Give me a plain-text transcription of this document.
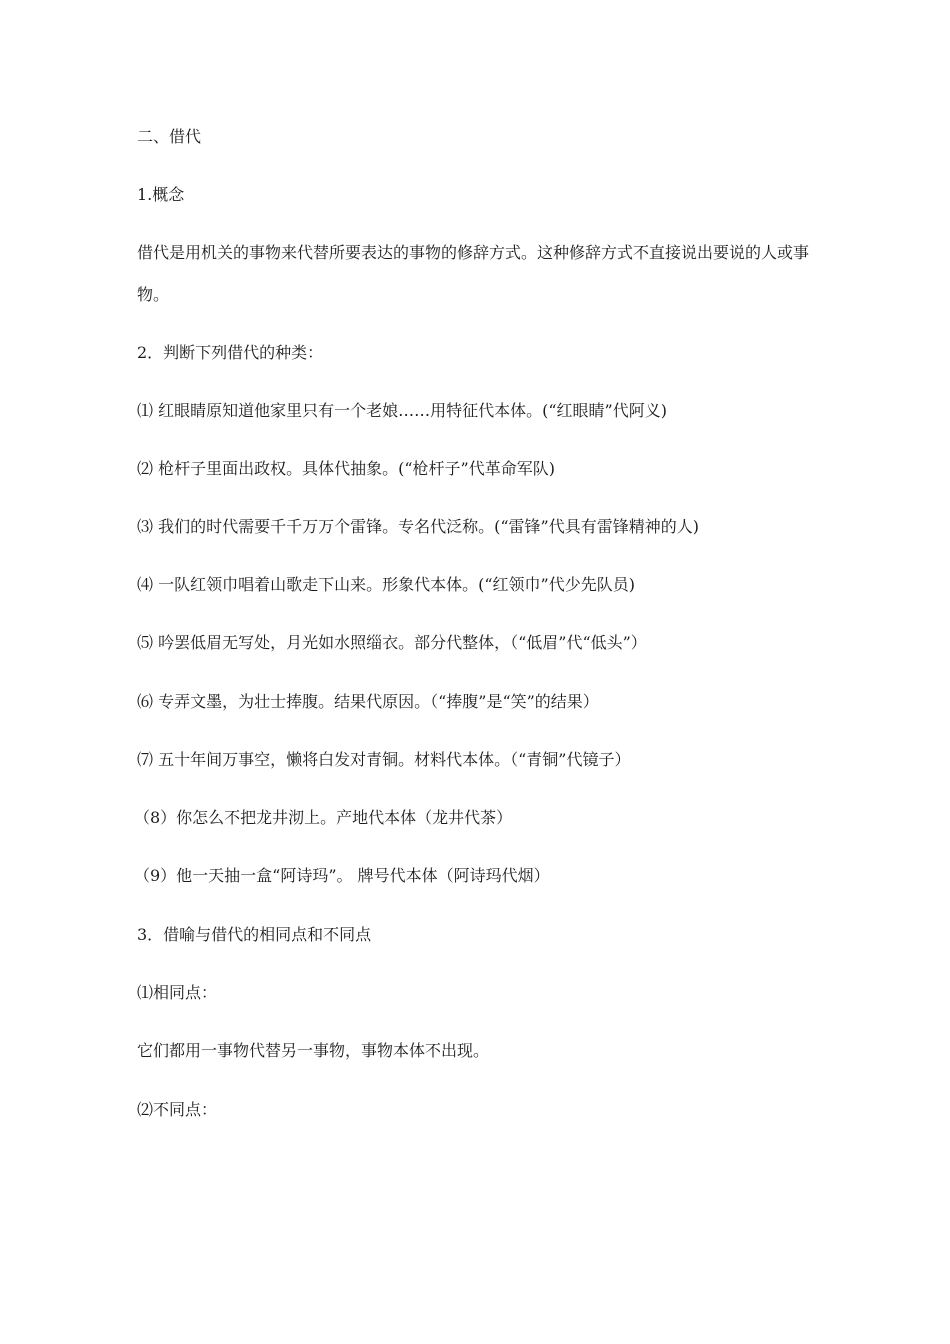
二、借代
1.概念
借代是用机关的事物来代替所要表达的事物的修辞方式。这种修辞方式不直接说出要说的人或事物。
2．判断下列借代的种类：
⑴ 红眼睛原知道他家里只有一个老娘……用特征代本体。(“红眼睛”代阿义)
⑵ 枪杆子里面出政权。具体代抽象。(“枪杆子”代革命军队)
⑶ 我们的时代需要千千万万个雷锋。专名代泛称。(“雷锋”代具有雷锋精神的人)
⑷ 一队红领巾唱着山歌走下山来。形象代本体。(“红领巾”代少先队员)
⑸ 吟罢低眉无写处，月光如水照缁衣。部分代整体，（“低眉”代“低头”）
⑹ 专弄文墨，为壮士捧腹。结果代原因。（“捧腹”是“笑”的结果）
⑺ 五十年间万事空，懒将白发对青铜。材料代本体。（“青铜”代镜子）
（8）你怎么不把龙井沏上。产地代本体（龙井代茶）
（9）他一天抽一盒“阿诗玛”。 牌号代本体（阿诗玛代烟）
3．借喻与借代的相同点和不同点
⑴相同点：
它们都用一事物代替另一事物，事物本体不出现。
⑵不同点：
